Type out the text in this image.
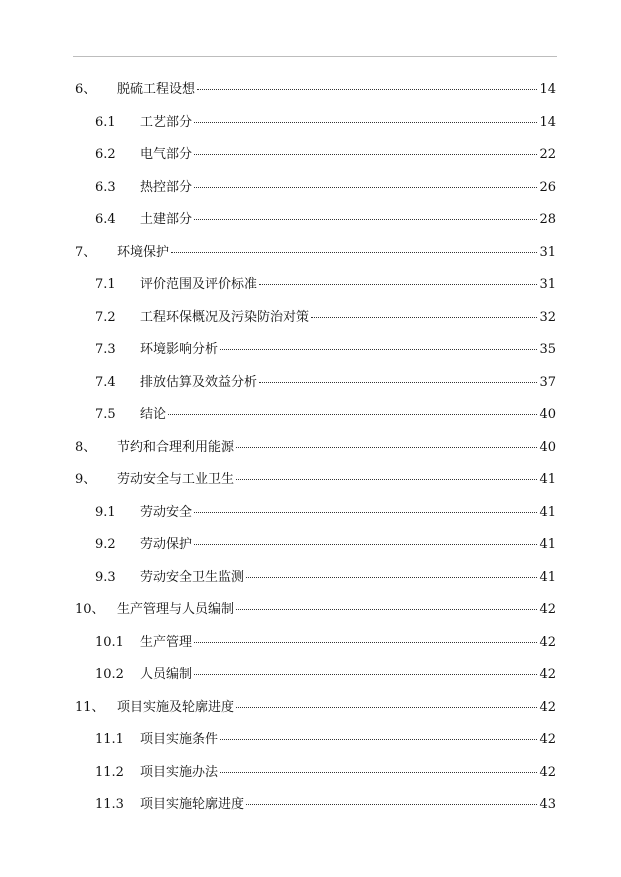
6、 脱硫工程设想	14
6.1	工艺部分	14
6.2	电气部分	22
6.3	热控部分	26
6.4	土建部分	28
7、 环境保护	31
7.1	评价范围及评价标准	31
7.2	工程环保概况及污染防治对策	32
7.3	环境影响分析	35
7.4	排放估算及效益分析	37
7.5	结论	40
8、 节约和合理利用能源	40
9、 劳动安全与工业卫生	41
9.1	劳动安全	41
9.2	劳动保护	41
9.3	劳动安全卫生监测	41
10、 生产管理与人员编制	42
10.1	生产管理	42
10.2	人员编制	42
11、 项目实施及轮廓进度	42
11.1	项目实施条件	42
11.2	项目实施办法	42
11.3	项目实施轮廓进度	43
